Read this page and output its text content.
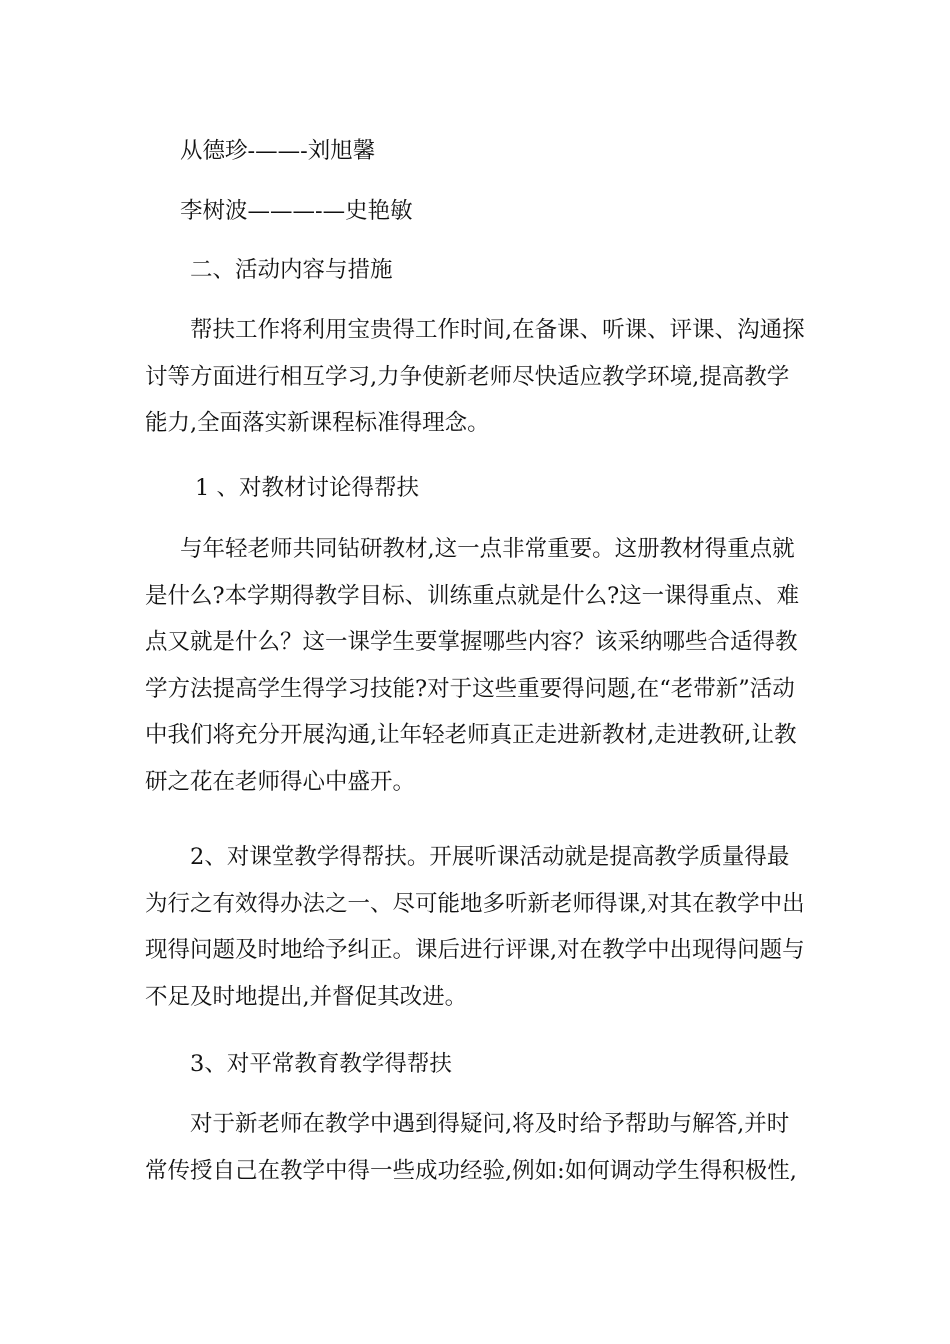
从德珍-——-刘旭馨

李树波———-—史艳敏

二、活动内容与措施

帮扶工作将利用宝贵得工作时间,在备课、听课、评课、沟通探讨等方面进行相互学习,力争使新老师尽快适应教学环境,提高教学能力,全面落实新课程标准得理念。

1 、对教材讨论得帮扶

与年轻老师共同钻研教材,这一点非常重要。这册教材得重点就是什么?本学期得教学目标、训练重点就是什么?这一课得重点、难点又就是什么？这一课学生要掌握哪些内容？该采纳哪些合适得教学方法提高学生得学习技能?对于这些重要得问题,在“老带新”活动中我们将充分开展沟通,让年轻老师真正走进新教材,走进教研,让教研之花在老师得心中盛开。

2、对课堂教学得帮扶。开展听课活动就是提高教学质量得最为行之有效得办法之一、尽可能地多听新老师得课,对其在教学中出现得问题及时地给予纠正。课后进行评课,对在教学中出现得问题与不足及时地提出,并督促其改进。

3、对平常教育教学得帮扶

对于新老师在教学中遇到得疑问,将及时给予帮助与解答,并时常传授自己在教学中得一些成功经验,例如:如何调动学生得积极性,
